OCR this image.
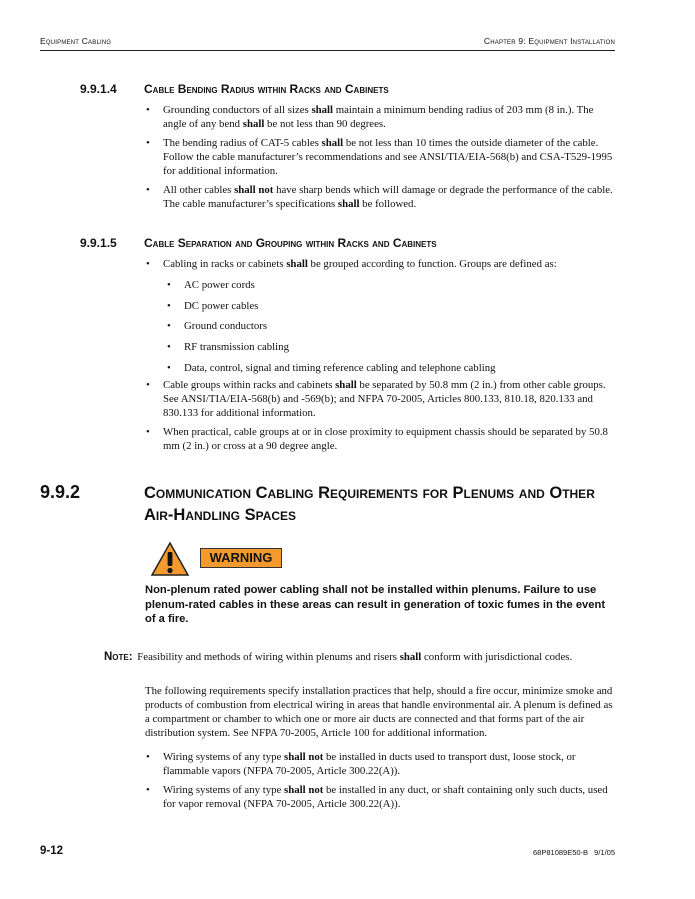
Equipment Cabling	Chapter 9: Equipment Installation
9.9.1.4 Cable Bending Radius within Racks and Cabinets
• Grounding conductors of all sizes shall maintain a minimum bending radius of 203 mm (8 in.). The angle of any bend shall be not less than 90 degrees.
• The bending radius of CAT-5 cables shall be not less than 10 times the outside diameter of the cable. Follow the cable manufacturer’s recommendations and see ANSI/TIA/EIA-568(b) and CSA-T529-1995 for additional information.
• All other cables shall not have sharp bends which will damage or degrade the performance of the cable. The cable manufacturer’s specifications shall be followed.
9.9.1.5 Cable Separation and Grouping within Racks and Cabinets
• Cabling in racks or cabinets shall be grouped according to function. Groups are defined as:
• AC power cords
• DC power cables
• Ground conductors
• RF transmission cabling
• Data, control, signal and timing reference cabling and telephone cabling
• Cable groups within racks and cabinets shall be separated by 50.8 mm (2 in.) from other cable groups. See ANSI/TIA/EIA-568(b) and -569(b); and NFPA 70-2005, Articles 800.133, 810.18, 820.133 and 830.133 for additional information.
• When practical, cable groups at or in close proximity to equipment chassis should be separated by 50.8 mm (2 in.) or cross at a 90 degree angle.
9.9.2	Communication Cabling Requirements for Plenums and Other Air-Handling Spaces
WARNING
Non-plenum rated power cabling shall not be installed within plenums. Failure to use plenum-rated cables in these areas can result in generation of toxic fumes in the event of a fire.
Note: Feasibility and methods of wiring within plenums and risers shall conform with jurisdictional codes.
The following requirements specify installation practices that help, should a fire occur, minimize smoke and products of combustion from electrical wiring in areas that handle environmental air. A plenum is defined as a compartment or chamber to which one or more air ducts are connected and that forms part of the air distribution system. See NFPA 70-2005, Article 100 for additional information.
• Wiring systems of any type shall not be installed in ducts used to transport dust, loose stock, or flammable vapors (NFPA 70-2005, Article 300.22(A)).
• Wiring systems of any type shall not be installed in any duct, or shaft containing only such ducts, used for vapor removal (NFPA 70-2005, Article 300.22(A)).
9-12	68P81089E50-B 9/1/05
